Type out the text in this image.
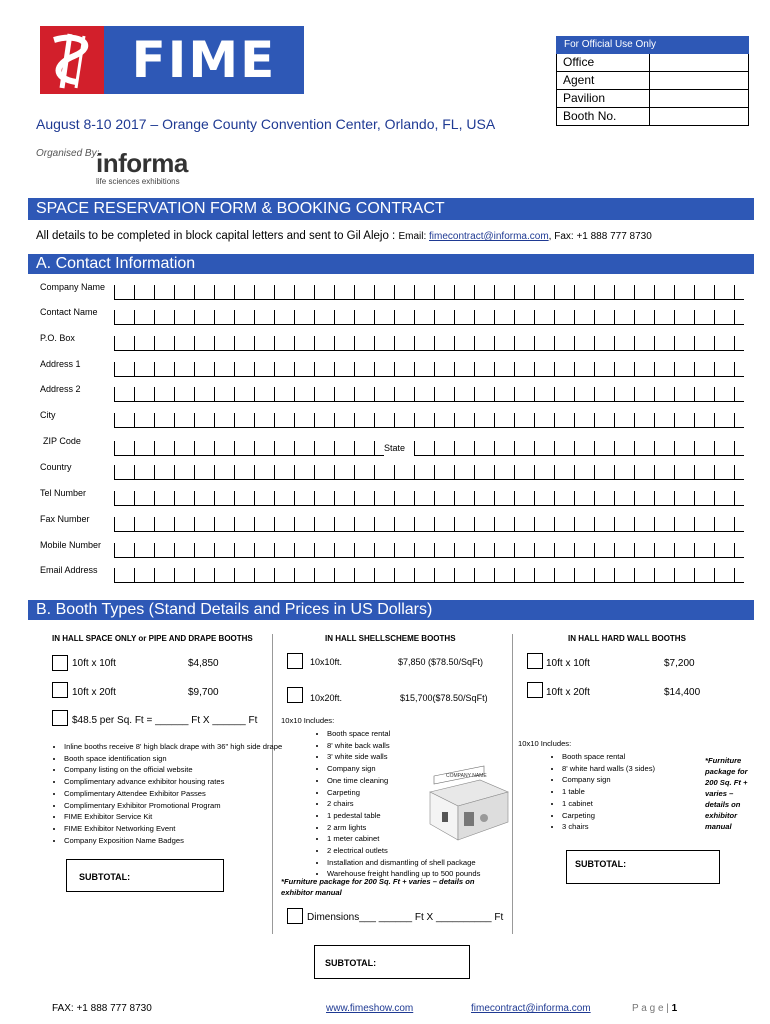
FIME
August 8-10 2017 – Orange County Convention Center, Orlando, FL, USA
Organised By:
informa
life sciences exhibitions
For Official Use Only
Office
Agent
Pavilion
Booth No.
SPACE RESERVATION FORM & BOOKING CONTRACT
All details to be completed in block capital letters and sent to Gil Alejo : Email: fimecontract@informa.com, Fax: +1 888 777 8730
A. Contact Information
Company Name
Contact Name
P.O. Box
Address 1
Address 2
City
ZIP Code
State
Country
Tel Number
Fax Number
Mobile Number
Email Address
B. Booth Types (Stand Details and Prices in US Dollars)
IN HALL SPACE ONLY or PIPE AND DRAPE BOOTHS
10ft x 10ft	$4,850
10ft x 20ft	$9,700
$48.5 per Sq. Ft = ______ Ft X ______ Ft
• Inline booths receive 8' high black drape with 36" high side drape
• Booth space identification sign
• Company listing on the official website
• Complimentary advance exhibitor housing rates
• Complimentary Attendee Exhibitor Passes
• Complimentary Exhibitor Promotional Program
• FIME Exhibitor Service Kit
• FIME Exhibitor Networking Event
• Company Exposition Name Badges
SUBTOTAL:
IN HALL SHELLSCHEME BOOTHS
10x10ft.	$7,850 ($78.50/SqFt)
10x20ft.	$15,700($78.50/SqFt)
10x10 Includes:
• Booth space rental
• 8' white back walls
• 3' white side walls
• Company sign
• One time cleaning
• Carpeting
• 2 chairs
• 1 pedestal table
• 2 arm lights
• 1 meter cabinet
• 2 electrical outlets
• Installation and dismantling of shell package
• Warehouse freight handling up to 500 pounds
COMPANY NAME
*Furniture package for 200 Sq. Ft + varies – details on exhibitor manual
Dimensions___ ______ Ft X __________ Ft
SUBTOTAL:
IN HALL HARD WALL BOOTHS
10ft x 10ft	$7,200
10ft x 20ft	$14,400
10x10 Includes:
• Booth space rental
• 8' white hard walls (3 sides)
• Company sign
• 1 table
• 1 cabinet
• Carpeting
• 3 chairs
*Furniture package for 200 Sq. Ft + varies – details on exhibitor manual
SUBTOTAL:
FAX: +1 888 777 8730	www.fimeshow.com	fimecontract@informa.com	P a g e | 1
